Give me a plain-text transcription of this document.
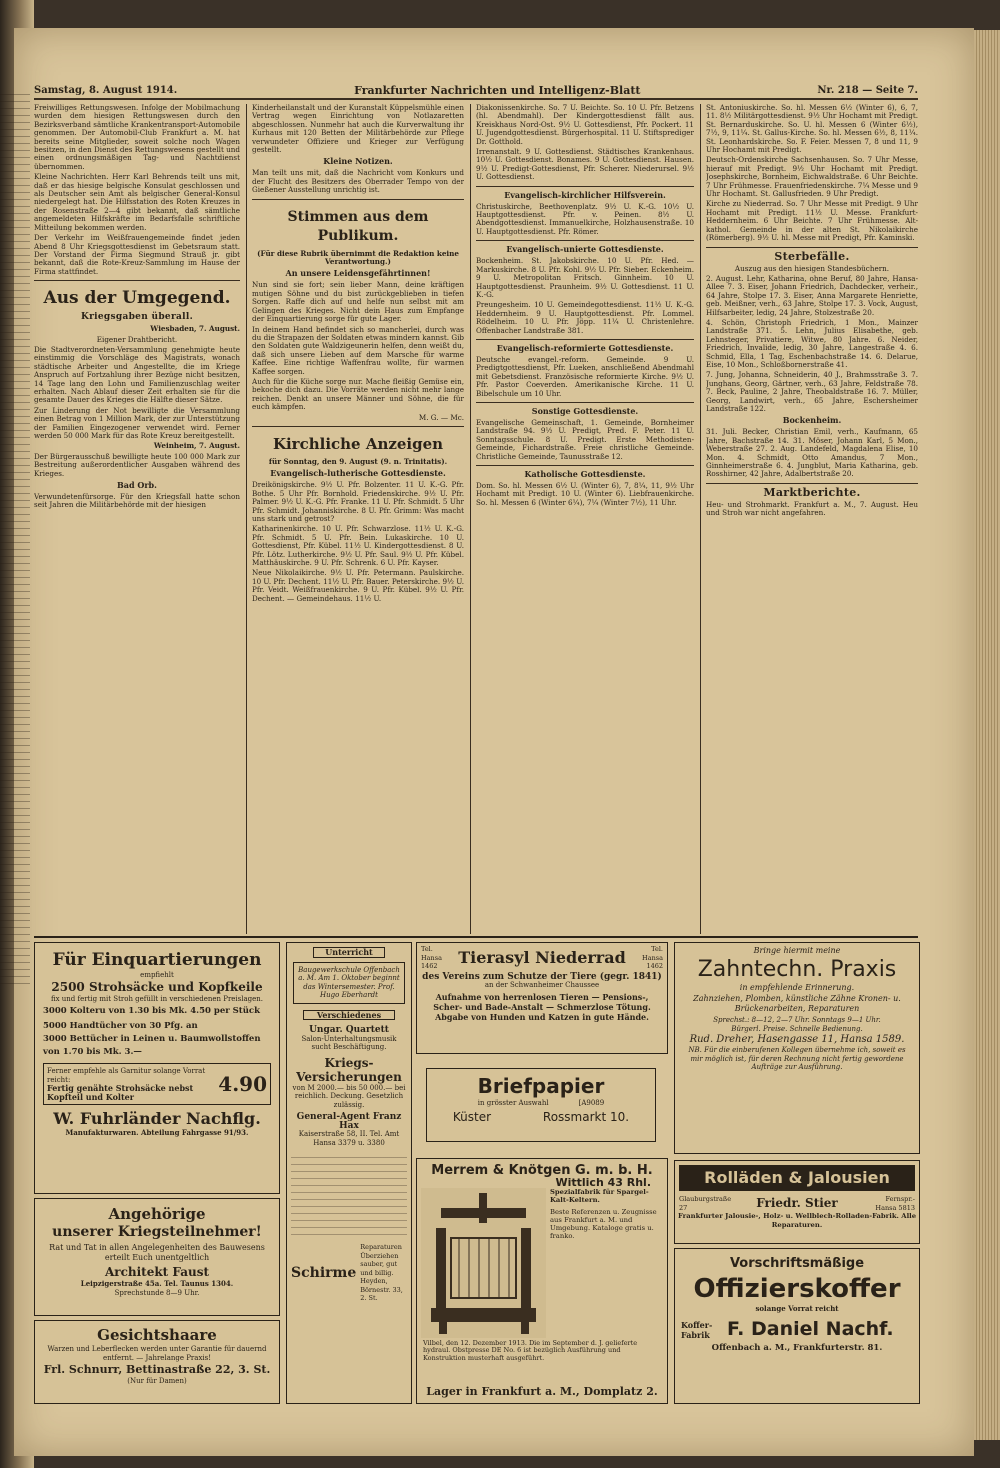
Samstag, 8. August 1914.	Frankfurter Nachrichten und Intelligenz-Blatt	Nr. 218 — Seite 7.

Freiwilliges Rettungswesen. Infolge der Mobilmachung wurden dem hiesigen Rettungswesen durch den Bezirksverband sämtliche Krankentransport-Automobile genommen. Der Automobil-Club Frankfurt a. M. hat bereits seine Mitglieder, soweit solche noch Wagen besitzen, in den Dienst des Rettungswesens gestellt und einen ordnungsmäßigen Tag- und Nachtdienst übernommen.

Kleine Nachrichten. Herr Karl Behrends teilt uns mit, daß er das hiesige belgische Konsulat geschlossen und als Deutscher sein Amt als belgischer General-Konsul niedergelegt hat. Die Hilfsstation des Roten Kreuzes in der Rosenstraße 2—4 gibt bekannt, daß sämtliche angemeldeten Hilfskräfte im Bedarfsfalle schriftliche Mitteilung bekommen werden.

Der Verkehr im Weißfrauengemeinde findet jeden Abend 8 Uhr Kriegsgottesdienst im Gebetsraum statt. Der Vorstand der Firma Siegmund Strauß jr. gibt bekannt, daß die Rote-Kreuz-Sammlung im Hause der Firma stattfindet.

Aus der Umgegend.
Kriegsgaben überall.

Wiesbaden, 7. August.

Eigener Drahtbericht.

Die Stadtverordneten-Versammlung genehmigte heute einstimmig die Vorschläge des Magistrats, wonach städtische Arbeiter und Angestellte, die im Kriege Anspruch auf Fortzahlung ihrer Bezüge nicht besitzen, 14 Tage lang den Lohn und Familienzuschlag weiter erhalten. Nach Ablauf dieser Zeit erhalten sie für die gesamte Dauer des Krieges die Hälfte dieser Sätze.

Zur Linderung der Not bewilligte die Versammlung einen Betrag von 1 Million Mark, der zur Unterstützung der Familien Eingezogener verwendet wird. Ferner werden 50 000 Mark für das Rote Kreuz bereitgestellt.

Weinheim, 7. August.

Der Bürgerausschuß bewilligte heute 100 000 Mark zur Bestreitung außerordentlicher Ausgaben während des Krieges.

Bad Orb.

Verwundetenfürsorge. Für den Kriegsfall hatte schon seit Jahren die Militärbehörde mit der hiesigen

Kinderheilanstalt und der Kuranstalt Küppelsmühle einen Vertrag wegen Einrichtung von Notlazaretten abgeschlossen. Nunmehr hat auch die Kurverwaltung ihr Kurhaus mit 120 Betten der Militärbehörde zur Pflege verwundeter Offiziere und Krieger zur Verfügung gestellt.

Kleine Notizen.

Man teilt uns mit, daß die Nachricht vom Konkurs und der Flucht des Besitzers des Oberrader Tempo von der Gießener Ausstellung unrichtig ist.

Stimmen aus dem Publikum.

(Für diese Rubrik übernimmt die Redaktion keine Verantwortung.)

An unsere Leidensgefährtinnen!

Nun sind sie fort; sein lieber Mann, deine kräftigen mutigen Söhne und du bist zurückgeblieben in tiefen Sorgen. Raffe dich auf und helfe nun selbst mit am Gelingen des Krieges. Nicht dein Haus zum Empfange der Einquartierung sorge für gute Lager.

In deinem Hand befindet sich so mancherlei, durch was du die Strapazen der Soldaten etwas mindern kannst. Gib den Soldaten gute Waldzigeunerin helfen, denn weißt du, daß sich unsere Lieben auf dem Marsche für warme Kaffee. Eine richtige Waffenfrau wollte, für warmen Kaffee sorgen.

Auch für die Küche sorge nur. Mache fleißig Gemüse ein, bekoche dich dazu. Die Vorräte werden nicht mehr lange reichen. Denkt an unsere Männer und Söhne, die für euch kämpfen.

M. G. — Mc.

Kirchliche Anzeigen

für Sonntag, den 9. August (9. n. Trinitatis).

Evangelisch-lutherische Gottesdienste.

Dreikönigskirche. 9½ U. Pfr. Bolzenter. 11 U. K.-G. Pfr. Bothe. 5 Uhr Pfr. Bornhold. Friedenskirche. 9½ U. Pfr. Palmer. 9½ U. K.-G. Pfr. Franke. 11 U. Pfr. Schmidt. 5 Uhr Pfr. Schmidt. Johanniskirche. 8 U. Pfr. Grimm: Was macht uns stark und getrost?

Katharinenkirche. 10 U. Pfr. Schwarzlose. 11½ U. K.-G. Pfr. Schmidt. 5 U. Pfr. Bein. Lukaskirche. 10 U. Gottesdienst, Pfr. Kübel. 11½ U. Kindergottesdienst. 8 U. Pfr. Lötz. Lutherkirche. 9½ U. Pfr. Saul. 9½ U. Pfr. Kübel. Matthäuskirche. 9 U. Pfr. Schrenk. 6 U. Pfr. Kayser.

Neue Nikolaikirche. 9½ U. Pfr. Petermann. Paulskirche. 10 U. Pfr. Dechent. 11½ U. Pfr. Bauer. Peterskirche. 9½ U. Pfr. Veidt. Weißfrauenkirche. 9 U. Pfr. Kübel. 9½ U. Pfr. Dechent. — Gemeindehaus. 11½ U.

Diakonissenkirche. So. 7 U. Beichte. So. 10 U. Pfr. Betzens (hl. Abendmahl). Der Kindergottesdienst fällt aus. Kreiskhaus Nord-Ost. 9½ U. Gottesdienst, Pfr. Pockert. 11 U. Jugendgottesdienst. Bürgerhospital. 11 U. Stiftsprediger Dr. Gotthold.

Irrenanstalt. 9 U. Gottesdienst. Städtisches Krankenhaus. 10½ U. Gottesdienst. Bonames. 9 U. Gottesdienst. Hausen. 9½ U. Predigt-Gottesdienst, Pfr. Scherer. Niederursel. 9½ U. Gottesdienst.

Evangelisch-kirchlicher Hilfsverein.

Christuskirche, Beethovenplatz. 9½ U. K.-G. 10½ U. Hauptgottesdienst. Pfr. v. Peinen. 8½ U. Abendgottesdienst. Immanuelkirche, Holzhausenstraße. 10 U. Hauptgottesdienst. Pfr. Römer.

Evangelisch-unierte Gottesdienste.

Bockenheim. St. Jakobskirche. 10 U. Pfr. Hed. — Markuskirche. 8 U. Pfr. Kohl. 9½ U. Pfr. Sieber. Eckenheim. 9 U. Metropolitan Fritsch. Ginnheim. 10 U. Hauptgottesdienst. Praunheim. 9½ U. Gottesdienst. 11 U. K.-G.

Preungesheim. 10 U. Gemeindegottesdienst. 11½ U. K.-G. Heddernheim. 9 U. Hauptgottesdienst. Pfr. Lommel. Rödelheim. 10 U. Pfr. Jöpp. 11¼ U. Christenlehre. Offenbacher Landstraße 381.

Evangelisch-reformierte Gottesdienste.

Deutsche evangel.-reform. Gemeinde. 9 U. Predigtgottesdienst, Pfr. Lueken, anschließend Abendmahl mit Gebetsdienst. Französische reformierte Kirche. 9½ U. Pfr. Pastor Coeverden. Amerikanische Kirche. 11 U. Bibelschule um 10 Uhr.

Sonstige Gottesdienste.

Evangelische Gemeinschaft, 1. Gemeinde, Bornheimer Landstraße 94. 9½ U. Predigt, Pred. F. Peter. 11 U. Sonntagsschule. 8 U. Predigt. Erste Methodisten-Gemeinde, Fichardstraße. Freie christliche Gemeinde. Christliche Gemeinde, Taunusstraße 12.

Katholische Gottesdienste.

Dom. So. hl. Messen 6½ U. (Winter 6), 7, 8¼, 11, 9½ Uhr Hochamt mit Predigt. 10 U. (Winter 6). Liebfrauenkirche. So. hl. Messen 6 (Winter 6¼), 7¼ (Winter 7½), 11 Uhr.

St. Antoniuskirche. So. hl. Messen 6½ (Winter 6), 6, 7, 11. 8½ Militärgottesdienst. 9½ Uhr Hochamt mit Predigt. St. Bernarduskirche. So. U. hl. Messen 6 (Winter 6½), 7½, 9, 11¼. St. Gallus-Kirche. So. hl. Messen 6½, 8, 11¼. St. Leonhardskirche. So. F. Feier. Messen 7, 8 und 11, 9 Uhr Hochamt mit Predigt.

Deutsch-Ordenskirche Sachsenhausen. So. 7 Uhr Messe, hierauf mit Predigt. 9½ Uhr Hochamt mit Predigt. Josephskirche, Bornheim, Eichwaldstraße. 6 Uhr Beichte. 7 Uhr Frühmesse. Frauenfriedenskirche. 7¼ Messe und 9 Uhr Hochamt. St. Gallusfrieden. 9 Uhr Predigt.

Kirche zu Niederrad. So. 7 Uhr Messe mit Predigt. 9 Uhr Hochamt mit Predigt. 11½ U. Messe. Frankfurt-Heddernheim. 6 Uhr Beichte. 7 Uhr Frühmesse. Alt-kathol. Gemeinde in der alten St. Nikolaikirche (Römerberg). 9½ U. hl. Messe mit Predigt, Pfr. Kaminski.

Sterbefälle.

Auszug aus den hiesigen Standesbüchern.

2. August. Lehr, Katharina, ohne Beruf, 80 Jahre, Hansa-Allee 7. 3. Eiser, Johann Friedrich, Dachdecker, verheir., 64 Jahre, Stolpe 17. 3. Eiser, Anna Margarete Henriette, geb. Meißner, verh., 63 Jahre, Stolpe 17. 3. Vock, August, Hilfsarbeiter, ledig, 24 Jahre, Stolzestraße 20.

4. Schön, Christoph Friedrich, 1 Mon., Mainzer Landstraße 371. 5. Lehn, Julius Elisabethe, geb. Lehnsteger, Privatiere, Witwe, 80 Jahre. 6. Neider, Friedrich, Invalide, ledig, 30 Jahre, Langestraße 4. 6. Schmid, Ella, 1 Tag, Eschenbachstraße 14. 6. Delarue, Eise, 10 Mon., Schloßbornerstraße 41.

7. Jung, Johanna, Schneiderin, 40 J., Brahmsstraße 3. 7. Junghans, Georg, Gärtner, verh., 63 Jahre, Feldstraße 78. 7. Beck, Pauline, 2 Jahre, Theobaldstraße 16. 7. Müller, Georg, Landwirt, verh., 65 Jahre, Eschersheimer Landstraße 122.

Bockenheim.

31. Juli. Becker, Christian Emil, verh., Kaufmann, 65 Jahre, Bachstraße 14. 31. Möser, Johann Karl, 5 Mon., Weberstraße 27. 2. Aug. Landefeld, Magdalena Elise, 10 Mon. 4. Schmidt, Otto Amandus, 7 Mon., Ginnheimerstraße 6. 4. Jungblut, Maria Katharina, geb. Rosshirner, 42 Jahre, Adalbertstraße 20.

Marktberichte.

Heu- und Strohmarkt. Frankfurt a. M., 7. August. Heu und Stroh war nicht angefahren.

Für Einquartierungen
empfiehlt
2500 Strohsäcke und Kopfkeile
fix und fertig mit Stroh gefüllt in verschiedenen Preislagen.
3000 Kolteru von 1.30 bis Mk. 4.50 per Stück
5000 Handtücher von 30 Pfg. an
3000 Bettücher in Leinen u. Baumwollstoffen von 1.70 bis Mk. 3.—
Ferner empfehle als Garnitur solange Vorrat reicht:
Fertig genähte Strohsäcke nebst Kopfteil und Kolter
4.90
W. Fuhrländer Nachflg.
Manufakturwaren. Abteilung Fahrgasse 91/93.
Angehörige
unserer Kriegsteilnehmer!
Rat und Tat in allen Angelegenheiten des Bauwesens erteilt Euch unentgeltlich
Architekt Faust
Leipzigerstraße 45a. Tel. Taunus 1304.
Sprechstunde 8—9 Uhr.
Gesichtshaare
Warzen und Leberflecken werden unter Garantie für dauernd entfernt. — Jahrelange Praxis!
Frl. Schnurr, Bettinastraße 22, 3. St.
(Nur für Damen)
Unterricht
Baugewerkschule Offenbach a. M. Am 1. Oktober beginnt das Wintersemester. Prof. Hugo Eberhardt
Verschiedenes
Ungar. Quartett
Salon-Unterhaltungsmusik sucht Beschäftigung.
Kriegs-Versicherungen
von M 2000.— bis 50 000.— bei reichlich. Deckung. Gesetzlich zulässig.
General-Agent Franz Hax
Kaiserstraße 58, II. Tel. Amt Hansa 3379 u. 3380
Schirme
Reparaturen Überziehen sauber, gut und billig. Heyden, Börnestr. 33, 2. St.
Tel. Hansa 1462	Tierasyl Niederrad	Tel. Hansa 1462
des Vereins zum Schutze der Tiere (gegr. 1841)
an der Schwanheimer Chaussee
Aufnahme von herrenlosen Tieren — Pensions-, Scher- und Bade-Anstalt — Schmerzlose Tötung. Abgabe von Hunden und Katzen in gute Hände.
Briefpapier
in grösster Auswahl	[A9089
Küster	Rossmarkt 10.
Merrem & Knötgen G. m. b. H.
Wittlich 43 Rhl.
Spezialfabrik für Spargel-Kalt-Keltern.
Beste Referenzen u. Zeugnisse aus Frankfurt a. M. und Umgebung. Kataloge gratis u. franko.
Vilbel, den 12. Dezember 1913. Die im September d. J. gelieferte hydraul. Obstpresse DE No. 6 ist bezüglich Ausführung und Konstruktion musterhaft ausgeführt.
Lager in Frankfurt a. M., Domplatz 2.
Bringe hiermit meine
Zahntechn. Praxis
in empfehlende Erinnerung.
Zahnziehen, Plomben, künstliche Zähne Kronen- u. Brückenarbeiten, Reparaturen
Sprechst.: 8—12, 2—7 Uhr. Sonntags 9—1 Uhr.
Bürgerl. Preise. Schnelle Bedienung.
Rud. Dreher, Hasengasse 11, Hansa 1589.
NB. Für die einberufenen Kollegen übernehme ich, soweit es mir möglich ist, für deren Rechnung nicht fertig gewordene Aufträge zur Ausführung.
Rolläden & Jalousien
Glauburgstraße 27	Friedr. Stier	Fernspr.-Hansa 5813
Frankfurter Jalousie-, Holz- u. Wellblech-Rolladen-Fabrik. Alle Reparaturen.
Vorschriftsmäßige
Offizierskoffer
solange Vorrat reicht
Koffer-Fabrik F. Daniel Nachf.
Offenbach a. M., Frankfurterstr. 81.
